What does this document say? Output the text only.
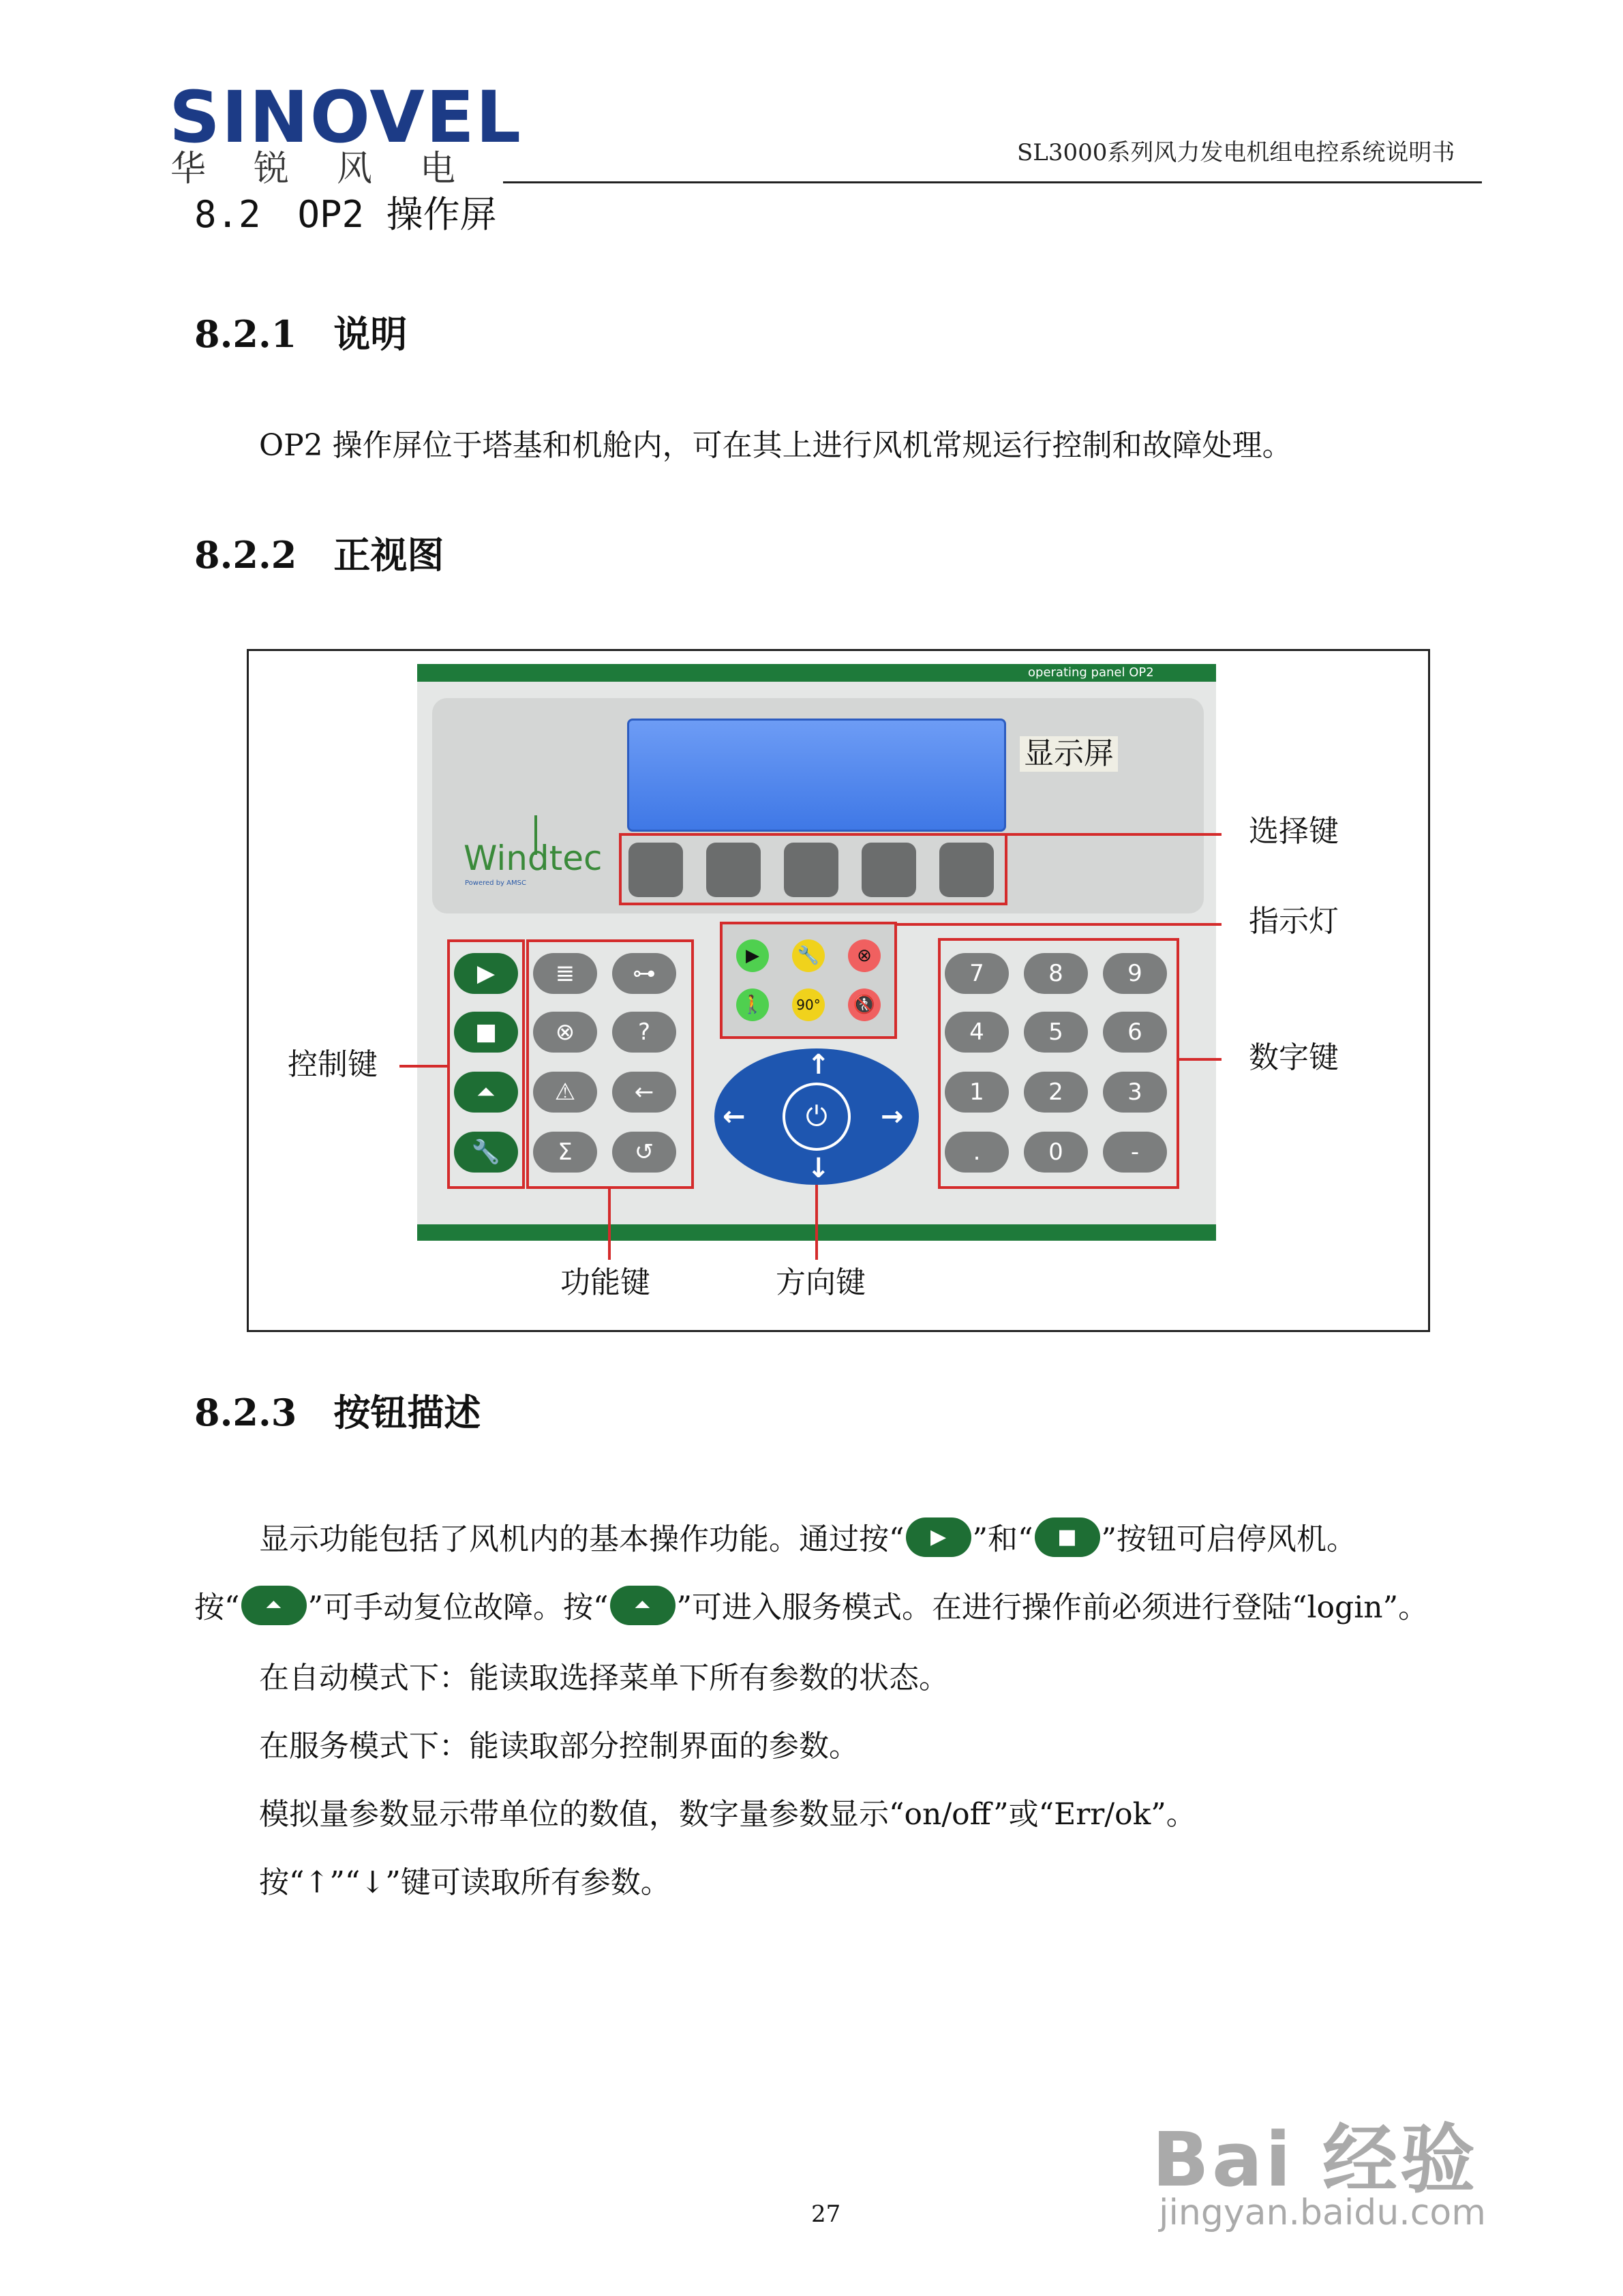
SINOVEL
华锐风电	SL3000系列风力发电机组电控系统说明书
8.2　OP2 操作屏
8.2.1　说明
OP2 操作屏位于塔基和机舱内，可在其上进行风机常规运行控制和故障处理。
8.2.2　正视图
operating panel OP2
Windtec
Powered by AMSC
▶
■
⏶
🔧
≣	⊶
⊗	?
⚠	←
Σ	↺
▶	🔧	⊗
🚶	90°	🚷
⏻
↑
↓
←	→
7	8	9
4	5	6
1	2	3
.	0	-
显示屏
选择键
指示灯
数字键
控制键
功能键	方向键
8.2.3　按钮描述
显示功能包括了风机内的基本操作功能。通过按“ ▶ ”和“ ■ ”按钮可启停风机。
按“ ⏶ ”可手动复位故障。按“ ⏶ ”可进入服务模式。在进行操作前必须进行登陆“login”。
在自动模式下：能读取选择菜单下所有参数的状态。
在服务模式下：能读取部分控制界面的参数。
模拟量参数显示带单位的数值，数字量参数显示“on/off”或“Err/ok”。
按“↑”“↓”键可读取所有参数。
27
Bai 经验
jingyan.baidu.com
